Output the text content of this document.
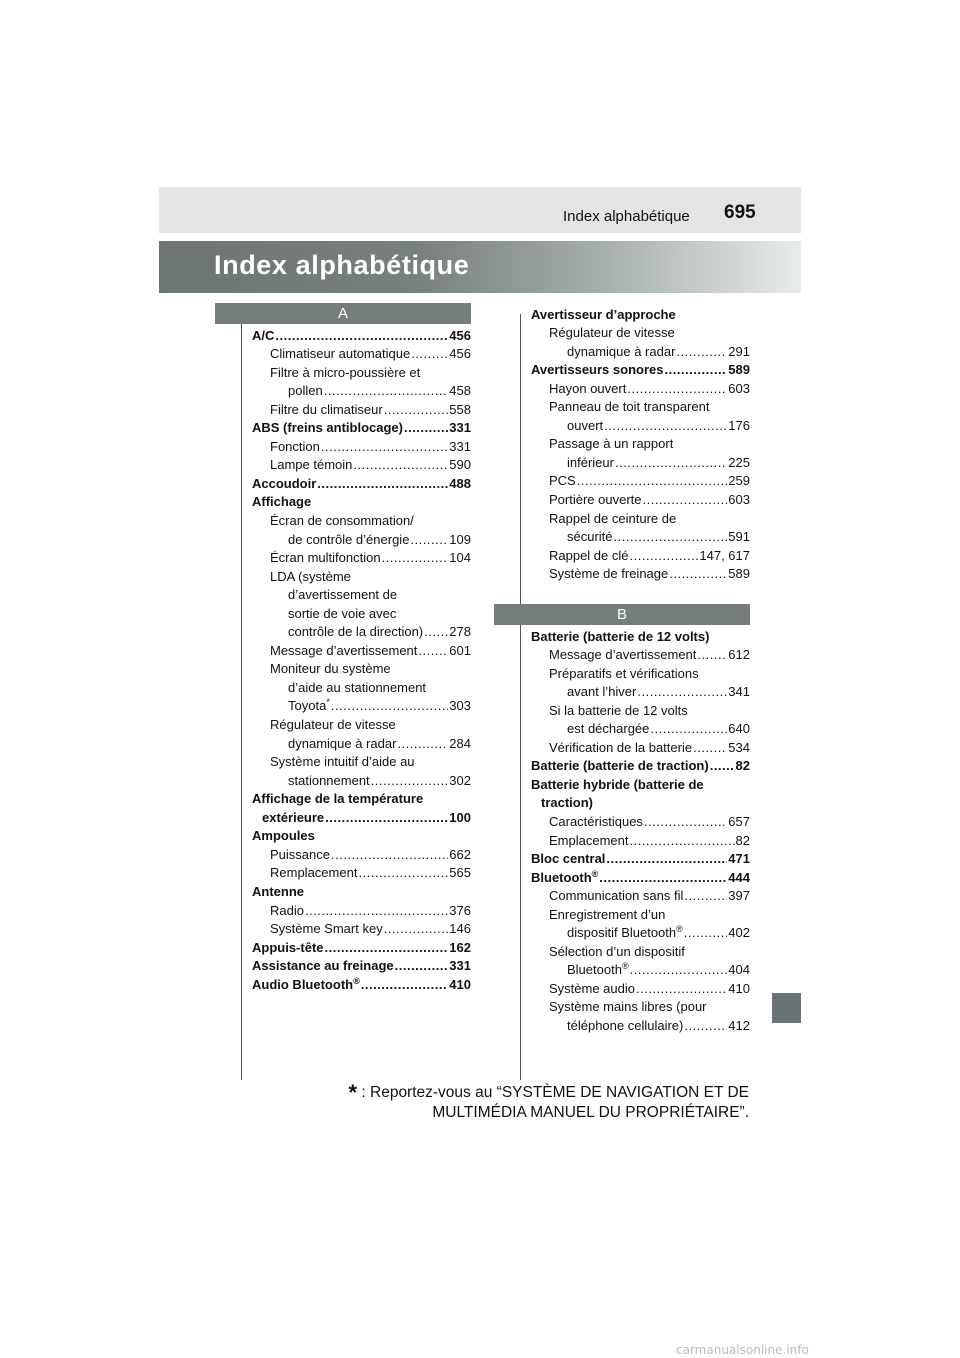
Index alphabétique 695
Index alphabétique
A
A/C .....	456
Climatiseur automatique .....	456
Filtre à micro-poussière et
pollen .....	458
Filtre du climatiseur .....	558
ABS (freins antiblocage) .....	331
Fonction .....	331
Lampe témoin .....	590
Accoudoir .....	488
Affichage
Écran de consommation/
de contrôle d’énergie .....	109
Écran multifonction .....	104
LDA (système
d’avertissement de
sortie de voie avec
contrôle de la direction) ..... 278
Message d’avertissement ..... 601
Moniteur du système
d’aide au stationnement
Toyota* .....	303
Régulateur de vitesse
dynamique à radar .....	284
Système intuitif d’aide au
stationnement .....	302
Affichage de la température
extérieure .....	100
Ampoules
Puissance .....	662
Remplacement .....	565
Antenne
Radio .....	376
Système Smart key .....	146
Appuis-tête .....	162
Assistance au freinage .....	331
Audio Bluetooth® .....	410
Avertisseur d’approche
Régulateur de vitesse
dynamique à radar .....	291
Avertisseurs sonores .....	589
Hayon ouvert .....	603
Panneau de toit transparent
ouvert .....	176
Passage à un rapport
inférieur .....	225
PCS .....	259
Portière ouverte .....	603
Rappel de ceinture de
sécurité .....	591
Rappel de clé .....	147, 617
Système de freinage .....	589
B
Batterie (batterie de 12 volts)
Message d’avertissement ..... 612
Préparatifs et vérifications
avant l’hiver .....	341
Si la batterie de 12 volts
est déchargée .....	640
Vérification de la batterie .....	534
Batterie (batterie de traction) ..... 82
Batterie hybride (batterie de
traction)
Caractéristiques .....	657
Emplacement .....	82
Bloc central .....	471
Bluetooth® .....	444
Communication sans fil .....	397
Enregistrement d’un
dispositif Bluetooth® .....	402
Sélection d’un dispositif
Bluetooth® .....	404
Système audio .....	410
Système mains libres (pour
téléphone cellulaire) .....	412
* : Reportez-vous au “SYSTÈME DE NAVIGATION ET DE
MULTIMÉDIA MANUEL DU PROPRIÉTAIRE”.
carmanualsonline.info
